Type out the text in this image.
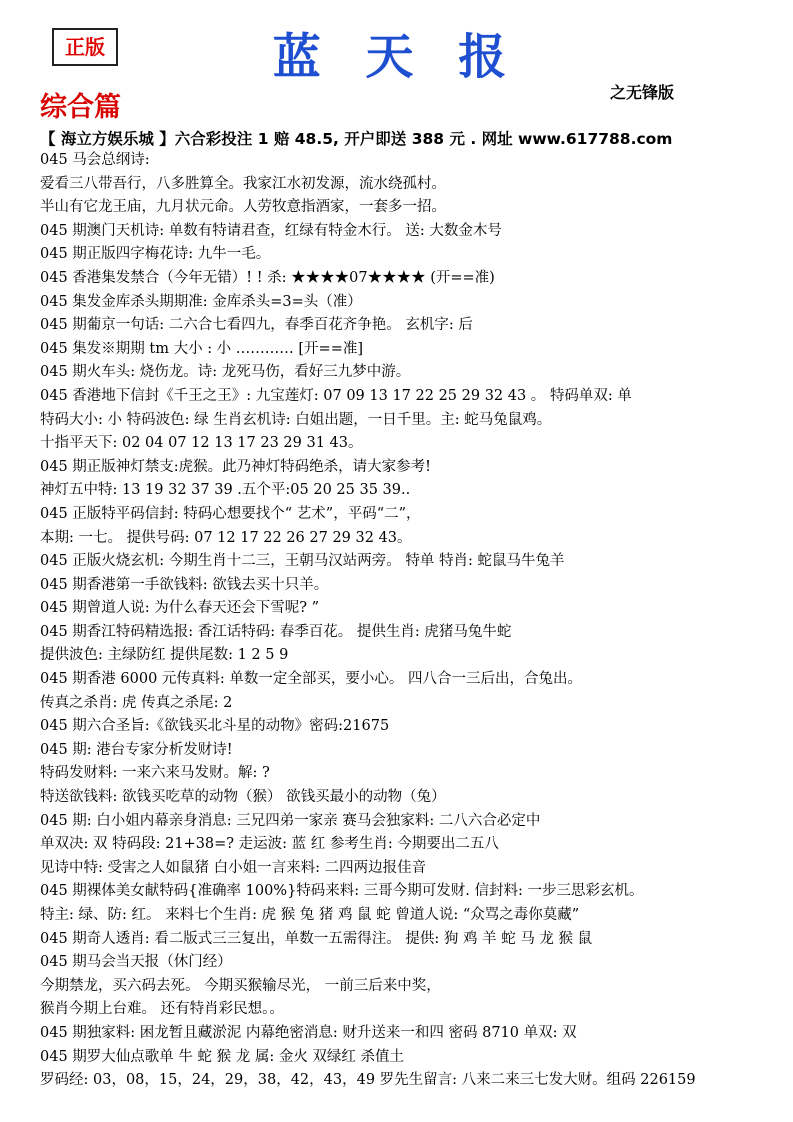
正版	蓝 天 报
之无锋版
综合篇
【 海立方娱乐城 】六合彩投注 1 赔 48.5, 开户即送 388 元 . 网址 www.617788.com
045 马会总纲诗:
爱看三八带吾行，八多胜算全。我家江水初发源，流水绕孤村。
半山有它龙王庙，九月状元命。人劳牧意指酒家，一套多一招。
045 期澳门天机诗: 单数有特请君查，红绿有特金木行。 送: 大数金木号
045 期正版四字梅花诗: 九牛一毛。
045 香港集发禁合（今年无错）! ! 杀: ★★★★07★★★★ (开==准)
045 集发金库杀头期期准: 金库杀头=3=头（准）
045 期葡京一句话: 二六合七看四九，春季百花齐争艳。 玄机字: 后
045 集发※期期 tm 大小 : 小 ………… [开==准]
045 期火车头: 烧伤龙。诗: 龙死马伤，看好三九梦中游。
045 香港地下信封《千王之王》: 九宝莲灯: 07 09 13 17 22 25 29 32 43 。 特码单双: 单
特码大小: 小 特码波色: 绿 生肖玄机诗: 白姐出题，一日千里。主: 蛇马兔鼠鸡。
十指平天下: 02 04 07 12 13 17 23 29 31 43。
045 期正版神灯禁支:虎猴。此乃神灯特码绝杀，请大家参考!
神灯五中特: 13 19 32 37 39 .五个平:05 20 25 35 39..
045 正版特平码信封: 特码心想要找个“ 艺术”，平码“二”，
本期: 一七。 提供号码: 07 12 17 22 26 27 29 32 43。
045 正版火烧玄机: 今期生肖十二三，王朝马汉站两旁。 特单 特肖: 蛇鼠马牛兔羊
045 期香港第一手欲钱料: 欲钱去买十只羊。
045 期曾道人说: 为什么春天还会下雪呢? ”
045 期香江特码精选报: 香江话特码: 春季百花。 提供生肖: 虎猪马兔牛蛇
提供波色: 主绿防红 提供尾数: 1 2 5 9
045 期香港 6000 元传真料: 单数一定全部买，要小心。 四八合一三后出，合兔出。
传真之杀肖: 虎 传真之杀尾: 2
045 期六合圣旨:《欲钱买北斗星的动物》密码:21675
045 期: 港台专家分析发财诗!
特码发财料: 一来六来马发财。解: ?
特送欲钱料: 欲钱买吃草的动物（猴） 欲钱买最小的动物（兔）
045 期: 白小姐内幕亲身消息: 三兄四弟一家亲 赛马会独家料: 二八六合必定中
单双决: 双 特码段: 21+38=? 走运波: 蓝 红 参考生肖: 今期要出二五八
见诗中特: 受害之人如鼠猪 白小姐一言来料: 二四两边报佳音
045 期裸体美女献特码{准确率 100%}特码来料: 三哥今期可发财. 信封料: 一步三思彩玄机。
特主: 绿、防: 红。 来料七个生肖: 虎 猴 兔 猪 鸡 鼠 蛇 曾道人说: “众骂之毒你莫藏”
045 期奇人透肖: 看二版式三三复出，单数一五需得注。 提供: 狗 鸡 羊 蛇 马 龙 猴 鼠
045 期马会当天报（休门经）
今期禁龙，买六码去死。 今期买猴输尽光， 一前三后来中奖，
猴肖今期上台难。 还有特肖彩民想。。
045 期独家料: 困龙暂且藏淤泥 内幕绝密消息: 财升送来一和四 密码 8710 单双: 双
045 期罗大仙点歌单 牛 蛇 猴 龙 属: 金火 双绿红 杀值土
罗码经: 03，08，15，24，29，38，42，43，49 罗先生留言: 八来二来三七发大财。组码 226159
